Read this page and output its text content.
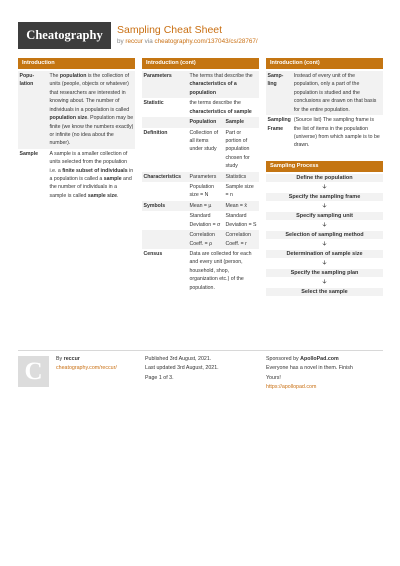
Cheatography	Sampling Cheat Sheet
by reccur via cheatography.com/137043/cs/28767/
Introduction
Popu-
lation	The population is the collection of units (people, objects or whatever) that researchers are interested in knowing about. The number of individuals in a population is called population size. Population may be finite (we know the numbers exactly) or infinite (no idea about the number).
Sample	A sample is a smaller collection of units selected from the population i.e. a finite subset of individuals in a population is called a sample and the number of individuals in a sample is called sample size.
Introduction (cont)
Parameters	The terms that describe the characteristics of a population	
Statistic	the terms describe the characteristics of sample	
	Population	Sample
Definition	Collection of all items under study	Part or portion of population chosen for study
Characteristics	Parameters	Statistics
	Population size = N	Sample size = n
Symbols	Mean = µ	Mean = x̄
	Standard Deviation = σ	Standard Deviation = S
	Correlation Coeff. = ρ	Correlation Coeff. = r
Census	Data are collected for each and every unit (person, household, shop, organization etc.) of the population.	
Introduction (cont)
Samp-
ling	Instead of every unit of the population, only a part of the population is studied and the conclusions are drawn on that basis for the entire population.
Sampling Frame	(Source list) The sampling frame is the list of items in the population (universe) from which sample is to be drawn.
Sampling Process
Define the population
🡣
Specify the sampling frame
🡣
Specify sampling unit
🡣
Selection of sampling method
🡣
Determination of sample size
🡣
Specify the sampling plan
🡣
Select the sample
C	By reccur
cheatography.com/reccur/
Published 3rd August, 2021.
Last updated 3rd August, 2021.
Page 1 of 3.
Sponsored by ApolloPad.com
Everyone has a novel in them. Finish
Yours!
https://apollopad.com
